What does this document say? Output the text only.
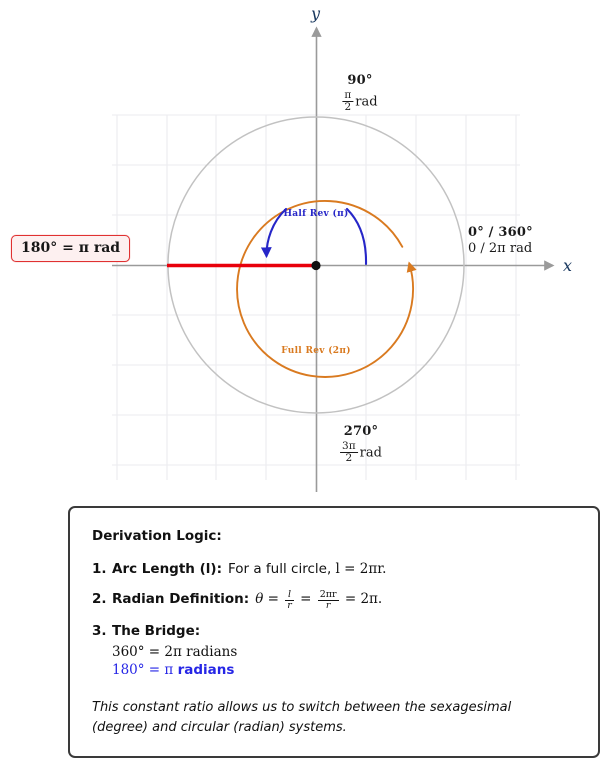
y
x
90°
$\frac{\pi}{2}$ rad
270°
$\frac{3\pi}{2}$ rad
0° / 360°
0 / 2π rad
180° = π rad
Half Rev (π)
Full Rev (2π)
Derivation Logic:
1. Arc Length (l): For a full circle, l = 2πr.
2. Radian Definition: $\theta = \frac{l}{r} = \frac{2\pi r}{r} = 2\pi$.
3. The Bridge:
360° = 2π radians
180° = π radians
This constant ratio allows us to switch between the sexagesimal (degree) and circular (radian) systems.
